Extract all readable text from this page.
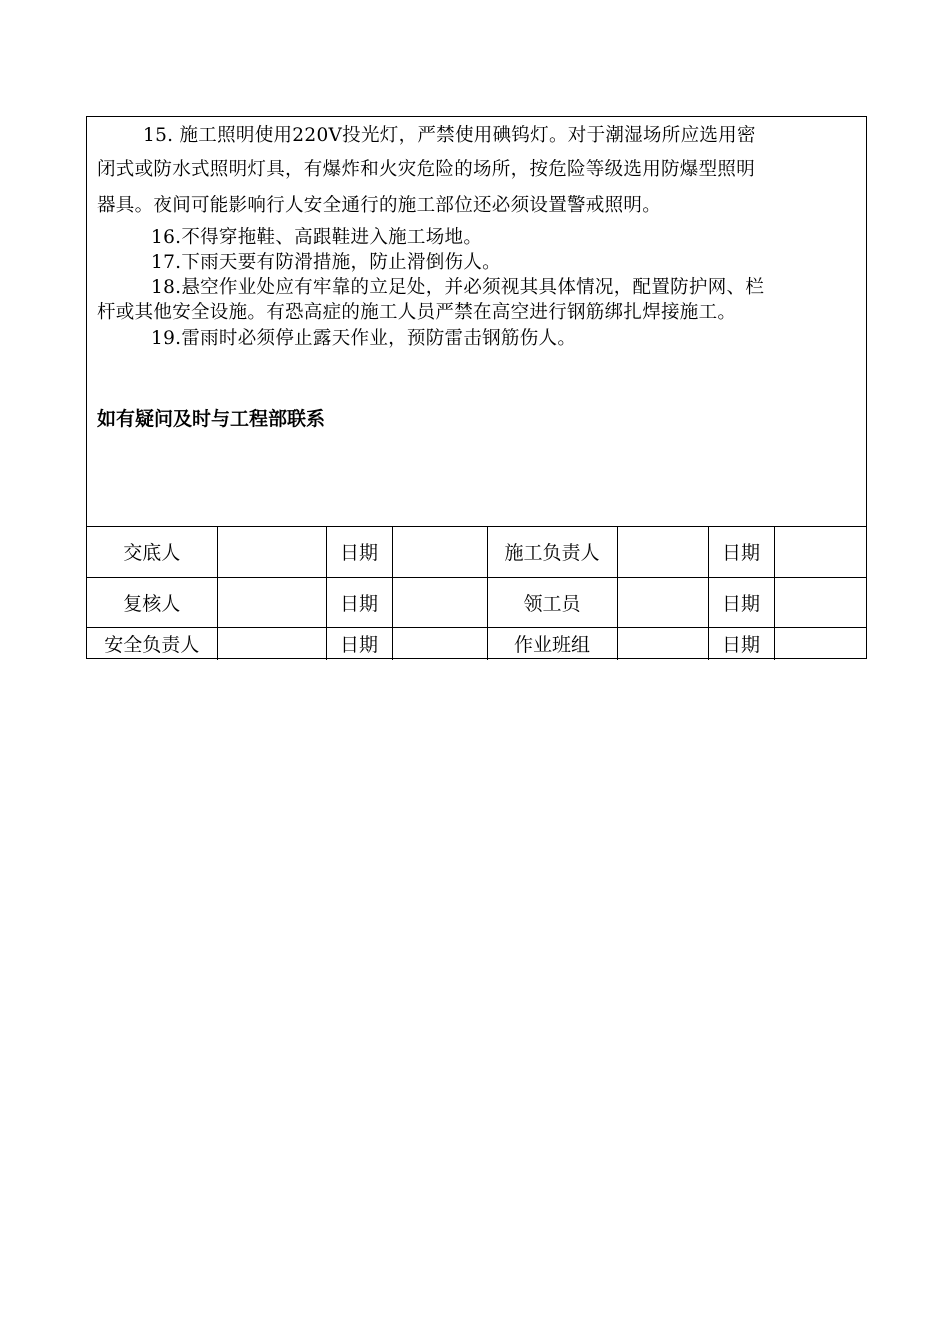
15. 施工照明使用220V投光灯，严禁使用碘钨灯。对于潮湿场所应选用密
闭式或防水式照明灯具，有爆炸和火灾危险的场所，按危险等级选用防爆型照明
器具。夜间可能影响行人安全通行的施工部位还必须设置警戒照明。
16.不得穿拖鞋、高跟鞋进入施工场地。
17.下雨天要有防滑措施，防止滑倒伤人。
18.悬空作业处应有牢靠的立足处，并必须视其具体情况，配置防护网、栏
杆或其他安全设施。有恐高症的施工人员严禁在高空进行钢筋绑扎焊接施工。
19.雷雨时必须停止露天作业，预防雷击钢筋伤人。
如有疑问及时与工程部联系
交底人		日期		施工负责人		日期	
复核人		日期		领工员		日期	
安全负责人		日期		作业班组		日期	
